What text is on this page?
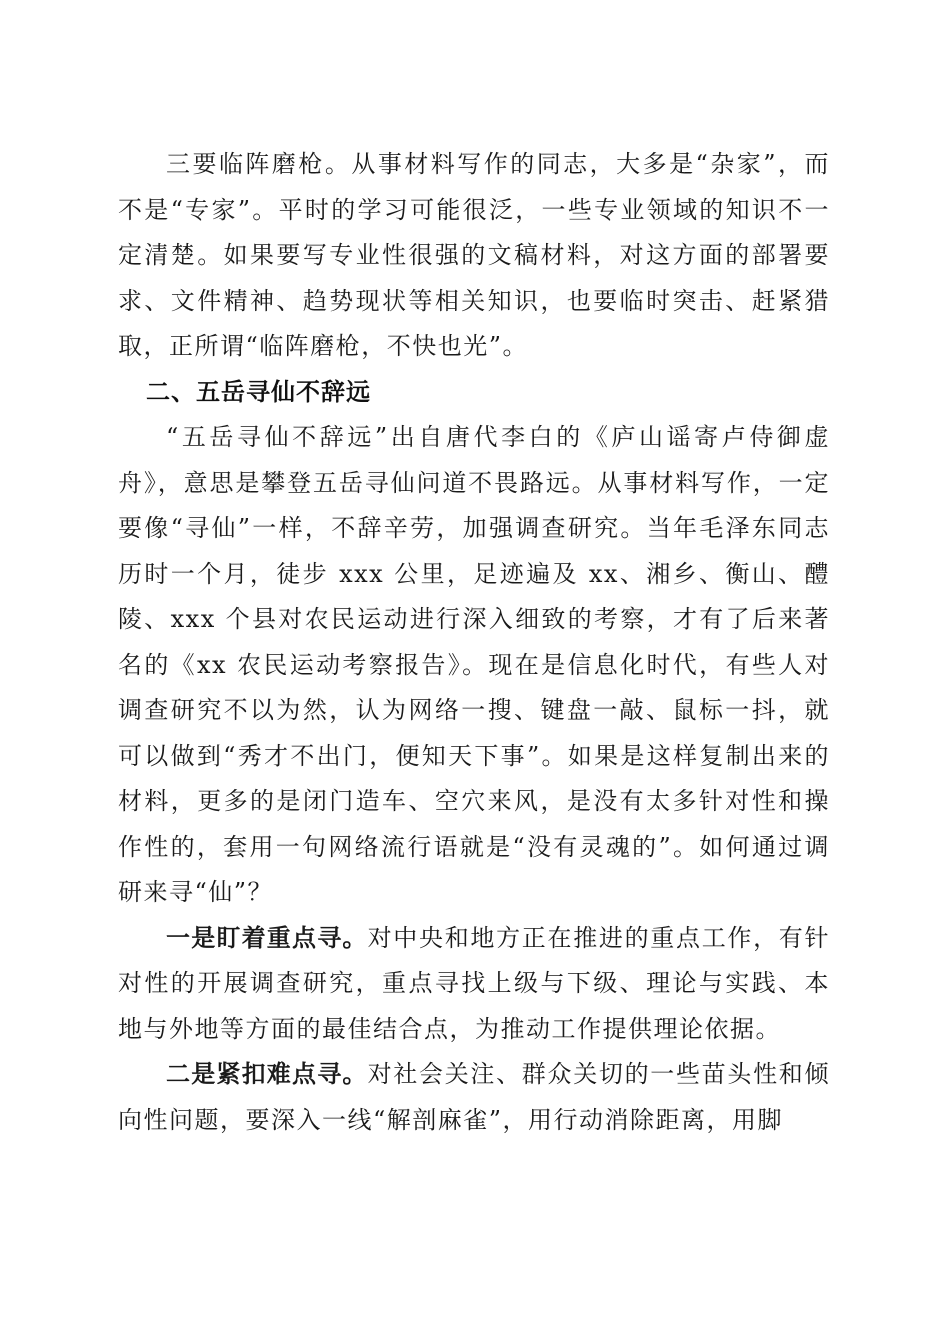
三要临阵磨枪。从事材料写作的同志，大多是“杂家”，而不是“专家”。平时的学习可能很泛，一些专业领域的知识不一定清楚。如果要写专业性很强的文稿材料，对这方面的部署要求、文件精神、趋势现状等相关知识，也要临时突击、赶紧猎取，正所谓“临阵磨枪，不快也光”。

二、五岳寻仙不辞远

“五岳寻仙不辞远”出自唐代李白的《庐山谣寄卢侍御虚舟》，意思是攀登五岳寻仙问道不畏路远。从事材料写作，一定要像“寻仙”一样，不辞辛劳，加强调查研究。当年毛泽东同志历时一个月，徒步 xxx 公里，足迹遍及 xx、湘乡、衡山、醴陵、xxx 个县对农民运动进行深入细致的考察，才有了后来著名的《xx 农民运动考察报告》。现在是信息化时代，有些人对调查研究不以为然，认为网络一搜、键盘一敲、鼠标一抖，就可以做到“秀才不出门，便知天下事”。如果是这样复制出来的材料，更多的是闭门造车、空穴来风，是没有太多针对性和操作性的，套用一句网络流行语就是“没有灵魂的”。如何通过调研来寻“仙”？

一是盯着重点寻。对中央和地方正在推进的重点工作，有针对性的开展调查研究，重点寻找上级与下级、理论与实践、本地与外地等方面的最佳结合点，为推动工作提供理论依据。

二是紧扣难点寻。对社会关注、群众关切的一些苗头性和倾向性问题，要深入一线“解剖麻雀”，用行动消除距离，用脚
